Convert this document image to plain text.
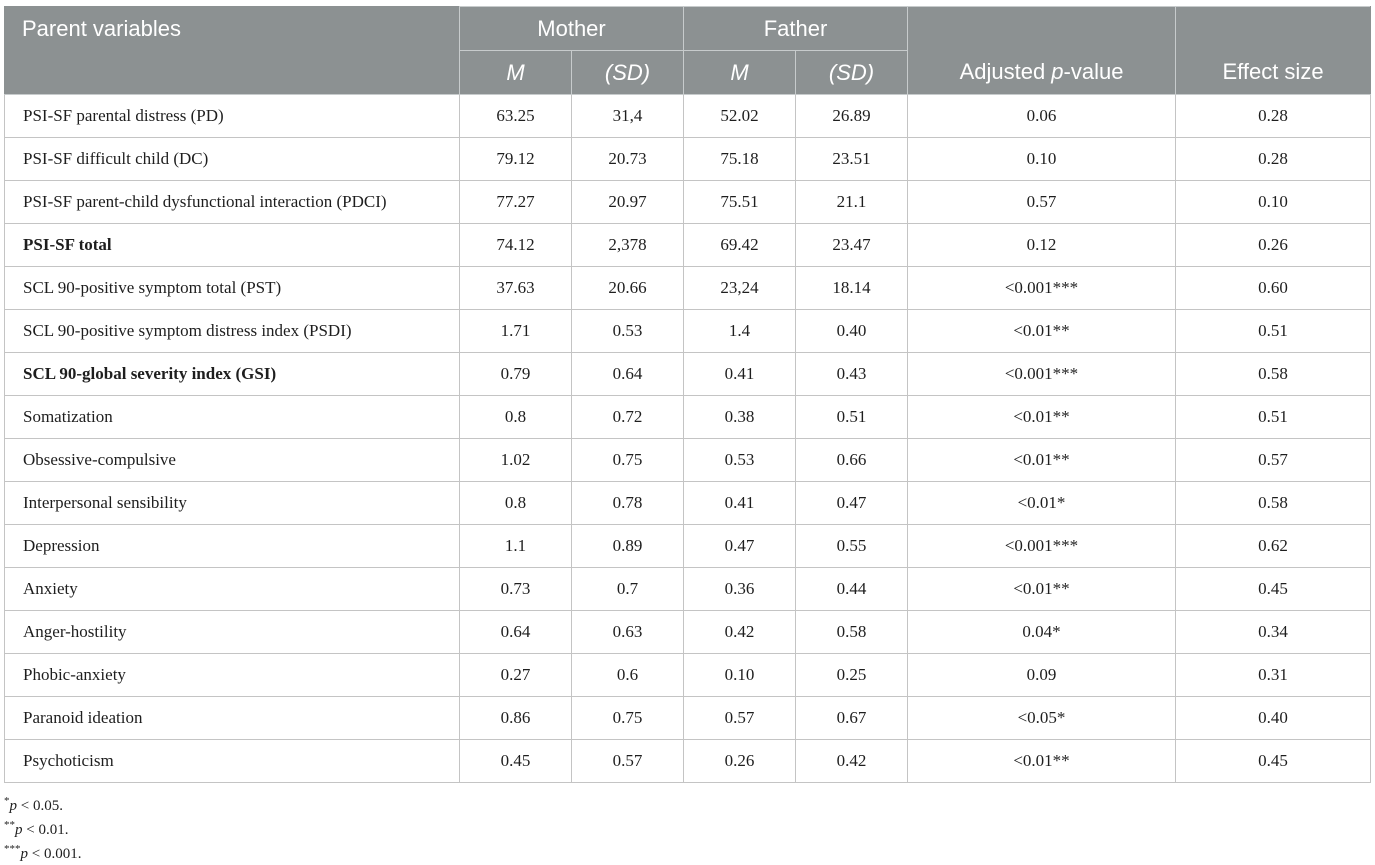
Parent variables	Mother		Father		Adjusted p-value	Effect size
	M	(SD)	M	(SD)		
PSI-SF parental distress (PD)	63.25	31,4	52.02	26.89	0.06	0.28
PSI-SF difficult child (DC)	79.12	20.73	75.18	23.51	0.10	0.28
PSI-SF parent-child dysfunctional interaction (PDCI)	77.27	20.97	75.51	21.1	0.57	0.10
PSI-SF total	74.12	2,378	69.42	23.47	0.12	0.26
SCL 90-positive symptom total (PST)	37.63	20.66	23,24	18.14	<0.001***	0.60
SCL 90-positive symptom distress index (PSDI)	1.71	0.53	1.4	0.40	<0.01**	0.51
SCL 90-global severity index (GSI)	0.79	0.64	0.41	0.43	<0.001***	0.58
Somatization	0.8	0.72	0.38	0.51	<0.01**	0.51
Obsessive-compulsive	1.02	0.75	0.53	0.66	<0.01**	0.57
Interpersonal sensibility	0.8	0.78	0.41	0.47	<0.01*	0.58
Depression	1.1	0.89	0.47	0.55	<0.001***	0.62
Anxiety	0.73	0.7	0.36	0.44	<0.01**	0.45
Anger-hostility	0.64	0.63	0.42	0.58	0.04*	0.34
Phobic-anxiety	0.27	0.6	0.10	0.25	0.09	0.31
Paranoid ideation	0.86	0.75	0.57	0.67	<0.05*	0.40
Psychoticism	0.45	0.57	0.26	0.42	<0.01**	0.45
*p < 0.05.
**p < 0.01.
***p < 0.001.
